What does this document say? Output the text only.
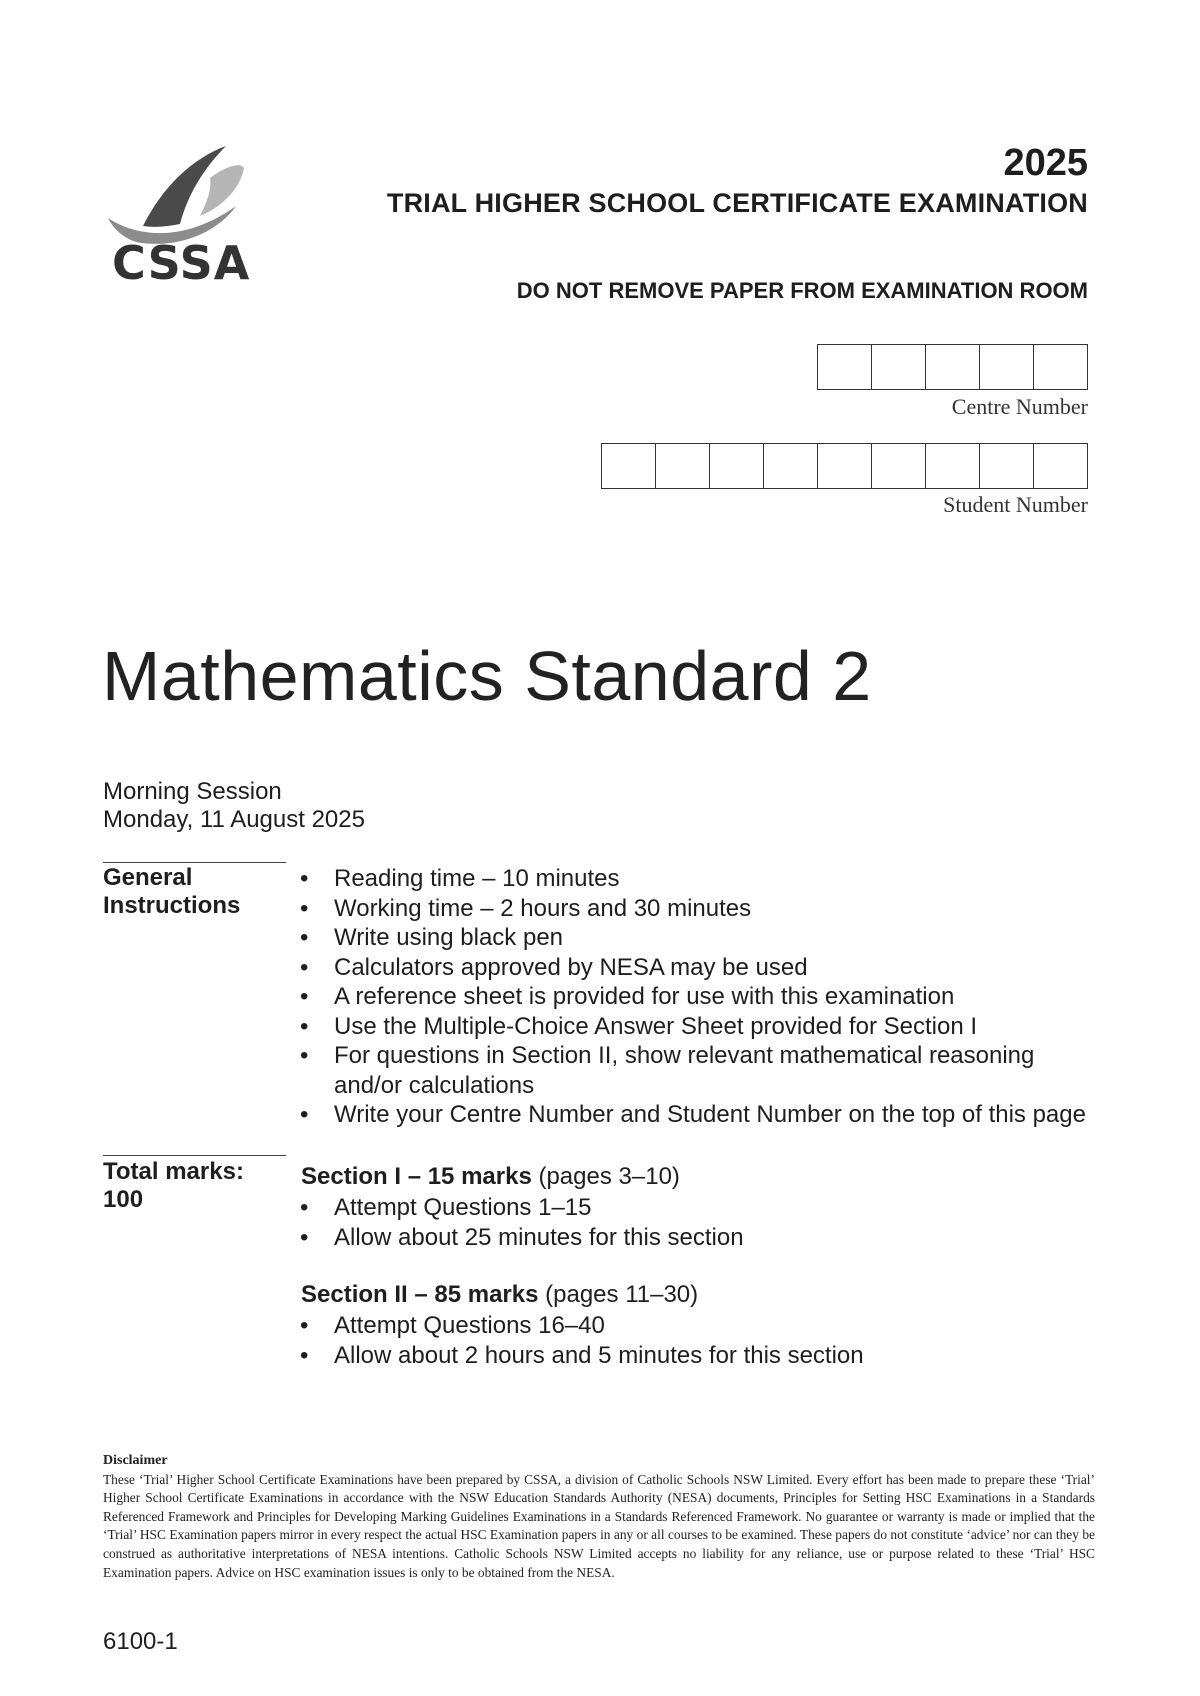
CSSA
2025
TRIAL HIGHER SCHOOL CERTIFICATE EXAMINATION
DO NOT REMOVE PAPER FROM EXAMINATION ROOM
Centre Number
Student Number
Mathematics Standard 2
Morning Session
Monday, 11 August 2025
General
Instructions
• Reading time – 10 minutes
• Working time – 2 hours and 30 minutes
• Write using black pen
• Calculators approved by NESA may be used
• A reference sheet is provided for use with this examination
• Use the Multiple-Choice Answer Sheet provided for Section I
• For questions in Section II, show relevant mathematical reasoning
and/or calculations
• Write your Centre Number and Student Number on the top of this page
Total marks:
100
Section I – 15 marks (pages 3–10)
• Attempt Questions 1–15
• Allow about 25 minutes for this section
Section II – 85 marks (pages 11–30)
• Attempt Questions 16–40
• Allow about 2 hours and 5 minutes for this section
Disclaimer
These ‘Trial’ Higher School Certificate Examinations have been prepared by CSSA, a division of Catholic Schools NSW Limited. Every effort has been made to prepare these ‘Trial’ Higher School Certificate Examinations in accordance with the NSW Education Standards Authority (NESA) documents, Principles for Setting HSC Examinations in a Standards Referenced Framework and Principles for Developing Marking Guidelines Examinations in a Standards Referenced Framework. No guarantee or warranty is made or implied that the ‘Trial’ HSC Examination papers mirror in every respect the actual HSC Examination papers in any or all courses to be examined. These papers do not constitute ‘advice’ nor can they be construed as authoritative interpretations of NESA intentions. Catholic Schools NSW Limited accepts no liability for any reliance, use or purpose related to these ‘Trial’ HSC Examination papers. Advice on HSC examination issues is only to be obtained from the NESA.
6100-1
